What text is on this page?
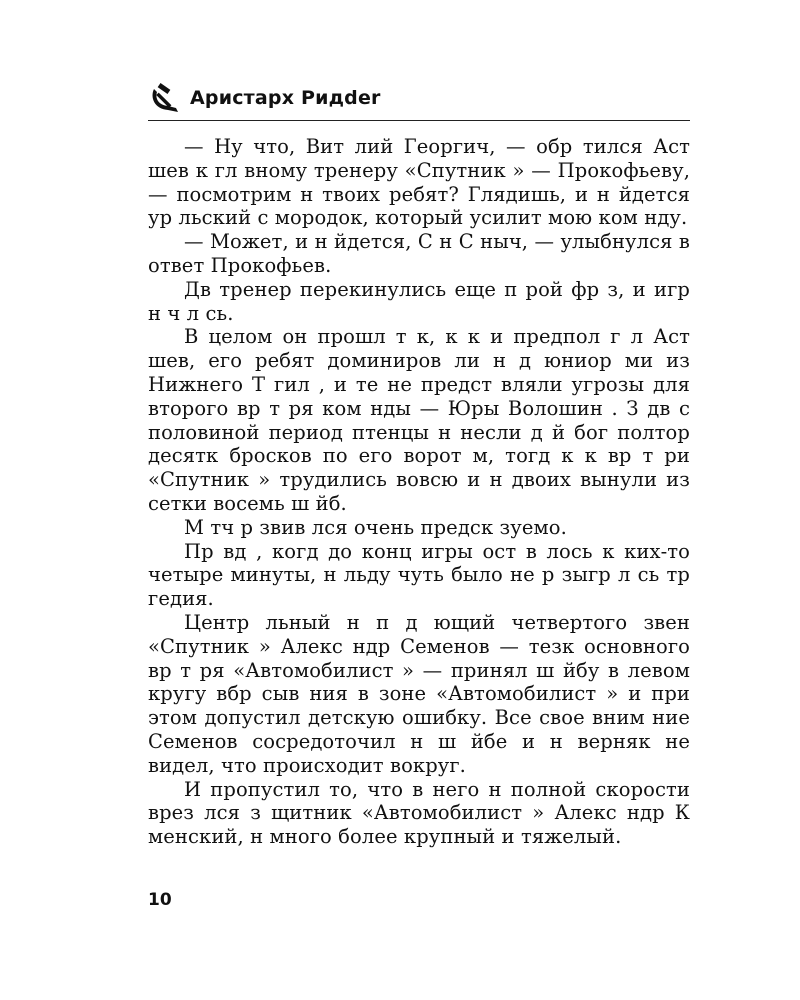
Аристарх Ридder

— Ну что, Вит лий Георгич, — обр тился Аст шев к гл вному тренеру «Спутник » — Прокофьеву, — посмотрим н твоих ребят? Глядишь, и н йдется ур льский с мородок, который усилит мою ком нду.

— Может, и н йдется, С н С ныч, — улыбнулся в ответ Прокофьев.

Дв тренер перекинулись еще п рой фр з, и игр н ч л сь.

В целом он прошл т к, к к и предпол г л Аст шев, его ребят доминиров ли н д юниор ми из Нижнего Т гил , и те не предст вляли угрозы для второго вр т ря ком нды — Юры Волошин . З дв с половиной период птенцы н несли д й бог полтор десятк бросков по его ворот м, тогд к к вр т ри «Спутник » трудились вовсю и н двоих вынули из сетки восемь ш йб.

М тч р звив лся очень предск зуемо.

Пр вд , когд до конц игры ост в лось к ких-то четыре минуты, н льду чуть было не р зыгр л сь тр гедия.

Центр льный н п д ющий четвертого звен «Спутник » Алекс ндр Семенов — тезк основного вр т ря «Автомобилист » — принял ш йбу в левом кругу вбр сыв ния в зоне «Автомобилист » и при этом допустил детскую ошибку. Все свое вним ние Семенов сосредоточил н ш йбе и н верняк не видел, что происходит вокруг.

И пропустил то, что в него н полной скорости врез лся з щитник «Автомобилист » Алекс ндр К менский, н много более крупный и тяжелый.

10
